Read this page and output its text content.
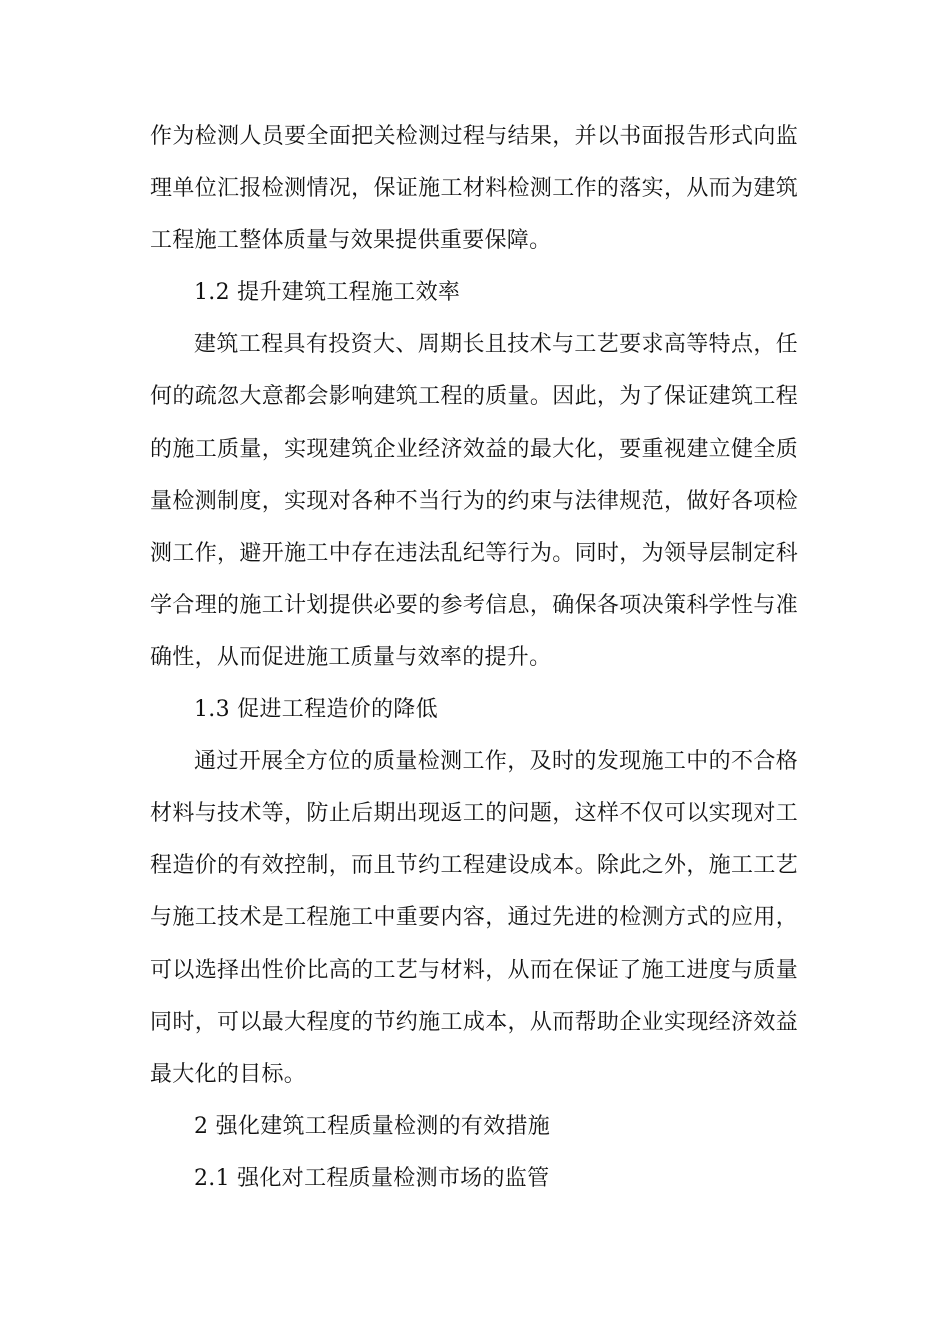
作为检测人员要全面把关检测过程与结果，并以书面报告形式向监
理单位汇报检测情况，保证施工材料检测工作的落实，从而为建筑
工程施工整体质量与效果提供重要保障。
1.2 提升建筑工程施工效率
建筑工程具有投资大、周期长且技术与工艺要求高等特点，任
何的疏忽大意都会影响建筑工程的质量。因此，为了保证建筑工程
的施工质量，实现建筑企业经济效益的最大化，要重视建立健全质
量检测制度，实现对各种不当行为的约束与法律规范，做好各项检
测工作，避开施工中存在违法乱纪等行为。同时，为领导层制定科
学合理的施工计划提供必要的参考信息，确保各项决策科学性与准
确性，从而促进施工质量与效率的提升。
1.3 促进工程造价的降低
通过开展全方位的质量检测工作，及时的发现施工中的不合格
材料与技术等，防止后期出现返工的问题，这样不仅可以实现对工
程造价的有效控制，而且节约工程建设成本。除此之外，施工工艺
与施工技术是工程施工中重要内容，通过先进的检测方式的应用，
可以选择出性价比高的工艺与材料，从而在保证了施工进度与质量
同时，可以最大程度的节约施工成本，从而帮助企业实现经济效益
最大化的目标。
2 强化建筑工程质量检测的有效措施
2.1 强化对工程质量检测市场的监管
